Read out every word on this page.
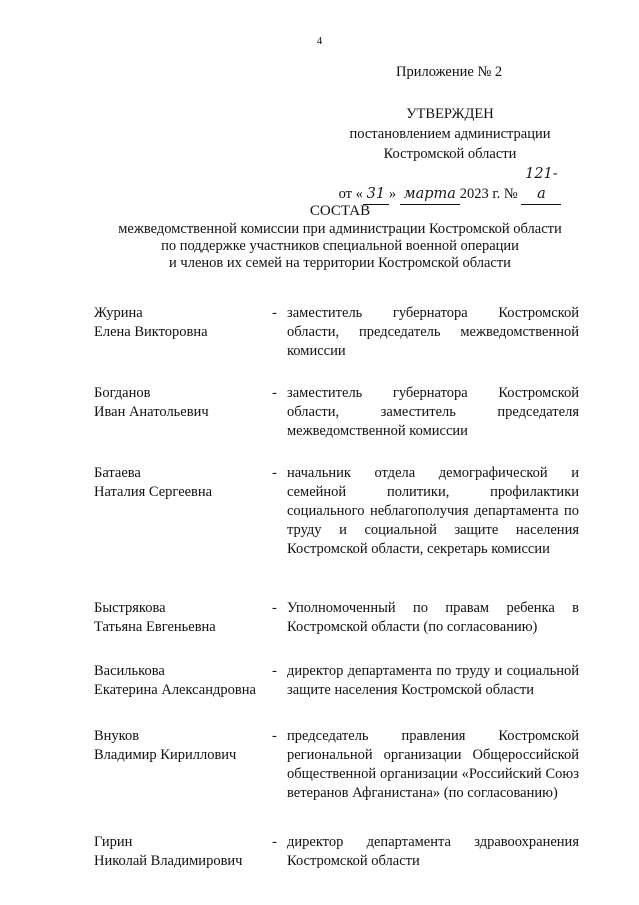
4
Приложение № 2
УТВЕРЖДЕН
постановлением администрации
Костромской области
от « 31 » марта 2023 г. № 121-а
СОСТАВ
межведомственной комиссии при администрации Костромской области
по поддержке участников специальной военной операции
и членов их семей на территории Костромской области
Журина
Елена Викторовна
- заместитель губернатора Костромской области, председатель межведомственной комиссии
Богданов
Иван Анатольевич
- заместитель губернатора Костромской области, заместитель председателя межведомственной комиссии
Батаева
Наталия Сергеевна
- начальник отдела демографической и семейной политики, профилактики социального неблагополучия департамента по труду и социальной защите населения Костромской области, секретарь комиссии
Быстрякова
Татьяна Евгеньевна
- Уполномоченный по правам ребенка в Костромской области (по согласованию)
Василькова
Екатерина Александровна
- директор департамента по труду и социальной защите населения Костромской области
Внуков
Владимир Кириллович
- председатель правления Костромской региональной организации Общероссийской общественной организации «Российский Союз ветеранов Афганистана» (по согласованию)
Гирин
Николай Владимирович
- директор департамента здравоохранения Костромской области
